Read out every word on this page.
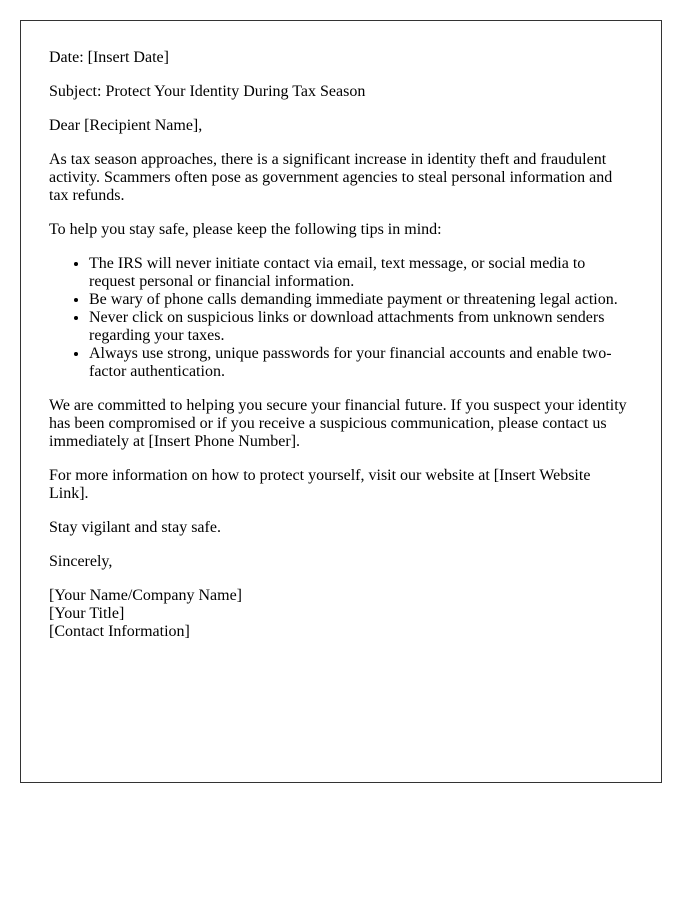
Date: [Insert Date]

Subject: Protect Your Identity During Tax Season

Dear [Recipient Name],

As tax season approaches, there is a significant increase in identity theft and fraudulent activity. Scammers often pose as government agencies to steal personal information and tax refunds.

To help you stay safe, please keep the following tips in mind:

• The IRS will never initiate contact via email, text message, or social media to request personal or financial information.
• Be wary of phone calls demanding immediate payment or threatening legal action.
• Never click on suspicious links or download attachments from unknown senders regarding your taxes.
• Always use strong, unique passwords for your financial accounts and enable two-factor authentication.

We are committed to helping you secure your financial future. If you suspect your identity has been compromised or if you receive a suspicious communication, please contact us immediately at [Insert Phone Number].

For more information on how to protect yourself, visit our website at [Insert Website Link].

Stay vigilant and stay safe.

Sincerely,

[Your Name/Company Name]

[Your Title]

[Contact Information]
